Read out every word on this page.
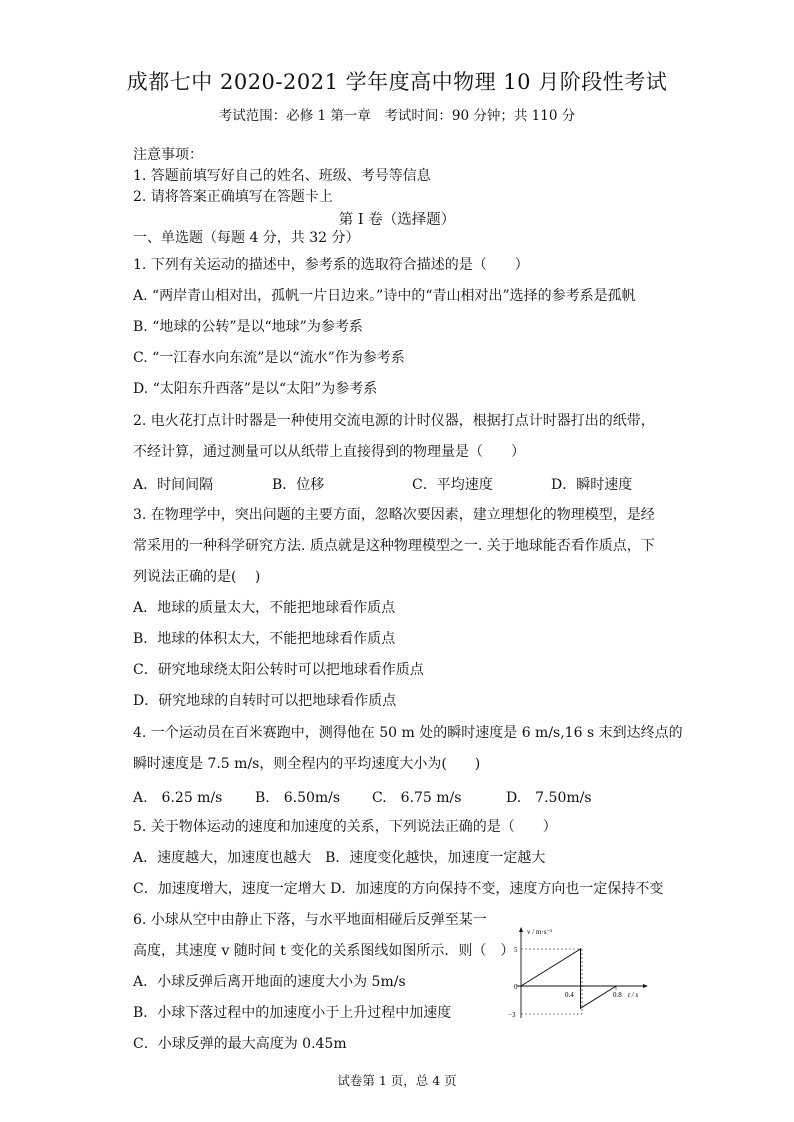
成都七中 2020-2021 学年度高中物理 10 月阶段性考试
考试范围：必修 1 第一章　考试时间：90 分钟；共 110 分
注意事项：
1. 答题前填写好自己的姓名、班级、考号等信息
2. 请将答案正确填写在答题卡上
第 I 卷（选择题）
一、单选题（每题 4 分，共 32 分）
1. 下列有关运动的描述中，参考系的选取符合描述的是（　　）
A. “两岸青山相对出，孤帆一片日边来。”诗中的“青山相对出”选择的参考系是孤帆
B. “地球的公转”是以“地球”为参考系
C. “一江春水向东流”是以“流水”作为参考系
D. “太阳东升西落”是以“太阳”为参考系
2. 电火花打点计时器是一种使用交流电源的计时仪器，根据打点计时器打出的纸带，
不经计算，通过测量可以从纸带上直接得到的物理量是（　　）
A．时间间隔	B．位移	C．平均速度	D．瞬时速度
3. 在物理学中，突出问题的主要方面，忽略次要因素，建立理想化的物理模型，是经
常采用的一种科学研究方法. 质点就是这种物理模型之一. 关于地球能否看作质点，下
列说法正确的是(　 )
A．地球的质量太大，不能把地球看作质点
B．地球的体积太大，不能把地球看作质点
C．研究地球绕太阳公转时可以把地球看作质点
D．研究地球的自转时可以把地球看作质点
4. 一个运动员在百米赛跑中，测得他在 50 m 处的瞬时速度是 6 m/s,16 s 末到达终点的
瞬时速度是 7.5 m/s，则全程内的平均速度大小为(　　)
A.　6.25 m/s B.　6.50m/s C.　6.75 m/s	D.　7.50m/s
5. 关于物体运动的速度和加速度的关系，下列说法正确的是（　　）
A．速度越大，加速度也越大　B．速度变化越快，加速度一定越大
C．加速度增大，速度一定增大 D．加速度的方向保持不变，速度方向也一定保持不变
6. 小球从空中由静止下落，与水平地面相碰后反弹至某一
高度，其速度 v 随时间 t 变化的关系图线如图所示．则（　）
A．小球反弹后离开地面的速度大小为 5m/s
B．小球下落过程中的加速度小于上升过程中加速度
C．小球反弹的最大高度为 0.45m
v / m·s⁻¹
t / s
5
0
−3
0.4	0.8
试卷第 1 页，总 4 页
